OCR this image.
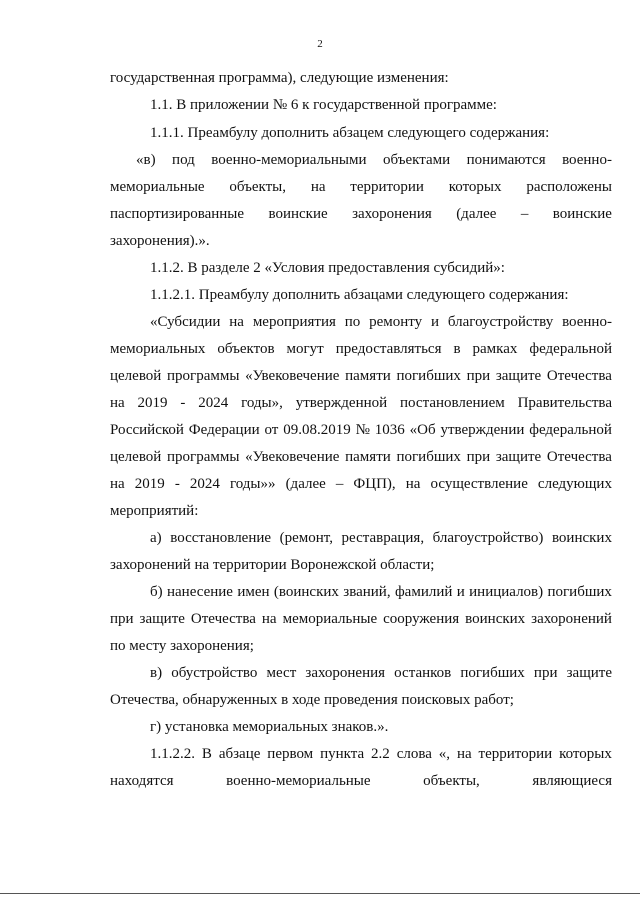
2
государственная программа), следующие изменения:
1.1. В приложении № 6 к государственной программе:
1.1.1. Преамбулу дополнить абзацем следующего содержания:
«в) под военно-мемориальными объектами понимаются военно-
мемориальные объекты, на территории которых расположены
паспортизированные воинские захоронения (далее – воинские
захоронения).».
1.1.2. В разделе 2 «Условия предоставления субсидий»:
1.1.2.1. Преамбулу дополнить абзацами следующего содержания:
«Субсидии на мероприятия по ремонту и благоустройству военно-
мемориальных объектов могут предоставляться в рамках федеральной
целевой программы «Увековечение памяти погибших при защите Отечества
на 2019 - 2024 годы», утвержденной постановлением Правительства
Российской Федерации от 09.08.2019 № 1036 «Об утверждении федеральной
целевой программы «Увековечение памяти погибших при защите Отечества
на 2019 - 2024 годы»» (далее – ФЦП), на осуществление следующих
мероприятий:
а) восстановление (ремонт, реставрация, благоустройство) воинских
захоронений на территории Воронежской области;
б) нанесение имен (воинских званий, фамилий и инициалов) погибших
при защите Отечества на мемориальные сооружения воинских захоронений
по месту захоронения;
в) обустройство мест захоронения останков погибших при защите
Отечества, обнаруженных в ходе проведения поисковых работ;
г) установка мемориальных знаков.».
1.1.2.2. В абзаце первом пункта 2.2 слова «, на территории которых
находятся	военно-мемориальные	объекты,	являющиеся
